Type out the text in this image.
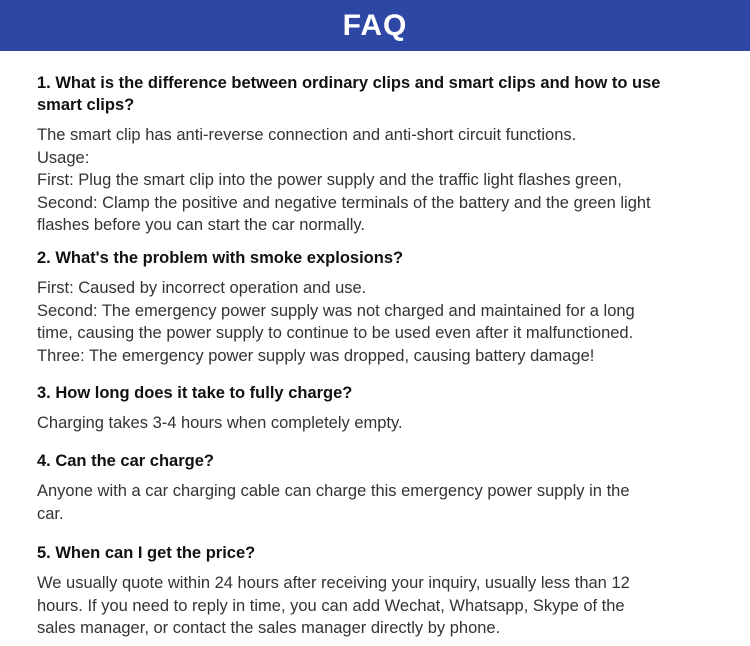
FAQ
1. What is the difference between ordinary clips and smart clips and how to use
smart clips?
The smart clip has anti-reverse connection and anti-short circuit functions.
Usage:
First: Plug the smart clip into the power supply and the traffic light flashes green,
Second: Clamp the positive and negative terminals of the battery and the green light
flashes before you can start the car normally.
2. What's the problem with smoke explosions?
First: Caused by incorrect operation and use.
Second: The emergency power supply was not charged and maintained for a long
time, causing the power supply to continue to be used even after it malfunctioned.
Three: The emergency power supply was dropped, causing battery damage!
3. How long does it take to fully charge?
Charging takes 3-4 hours when completely empty.
4. Can the car charge?
Anyone with a car charging cable can charge this emergency power supply in the
car.
5. When can I get the price?
We usually quote within 24 hours after receiving your inquiry, usually less than 12
hours. If you need to reply in time, you can add Wechat, Whatsapp, Skype of the
sales manager, or contact the sales manager directly by phone.
